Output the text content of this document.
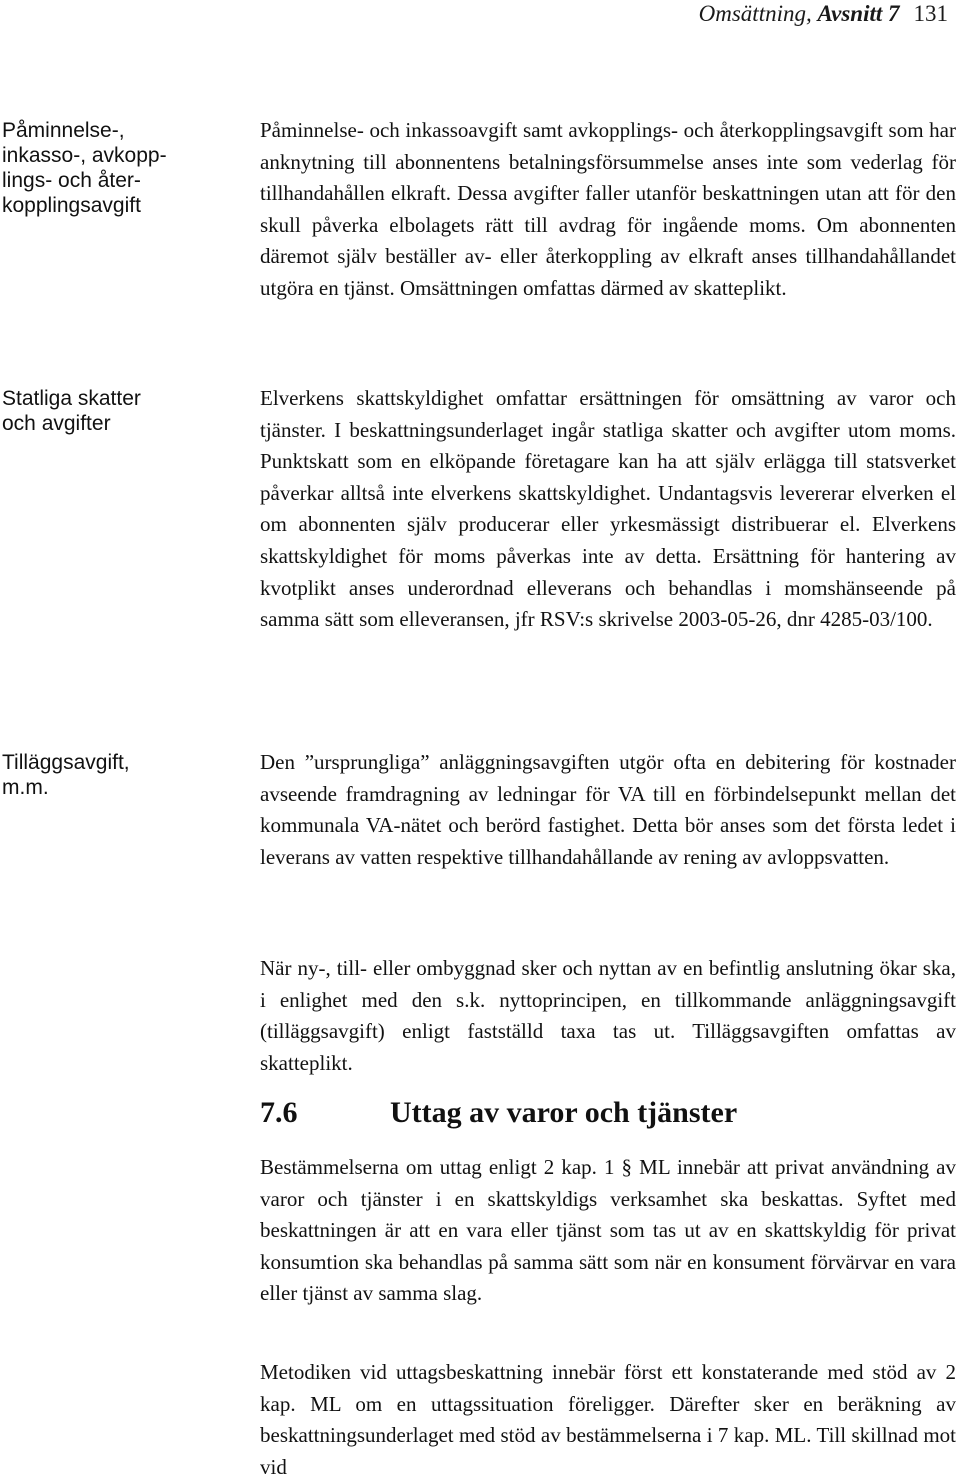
Omsättning, Avsnitt 7 131
Påminnelse-,
inkasso-, avkopp-
lings- och åter-
kopplingsavgift
Statliga skatter
och avgifter
Tilläggsavgift,
m.m.

Påminnelse- och inkassoavgift samt avkopplings- och återkopplingsavgift som har anknytning till abonnentens betalningsförsummelse anses inte som vederlag för tillhandahållen elkraft. Dessa avgifter faller utanför beskattningen utan att för den skull påverka elbolagets rätt till avdrag för ingående moms. Om abonnenten däremot själv beställer av- eller återkoppling av elkraft anses tillhandahållandet utgöra en tjänst. Omsättningen omfattas därmed av skatteplikt.

Elverkens skattskyldighet omfattar ersättningen för omsättning av varor och tjänster. I beskattningsunderlaget ingår statliga skatter och avgifter utom moms. Punktskatt som en elköpande företagare kan ha att själv erlägga till statsverket påverkar alltså inte elverkens skattskyldighet. Undantagsvis levererar elverken el om abonnenten själv producerar eller yrkesmässigt distribuerar el. Elverkens skattskyldighet för moms påverkas inte av detta. Ersättning för hantering av kvotplikt anses underordnad elleverans och behandlas i momshänseende på samma sätt som elleveransen, jfr RSV:s skrivelse 2003-05-26, dnr 4285-03/100.

Den ”ursprungliga” anläggningsavgiften utgör ofta en debitering för kostnader avseende framdragning av ledningar för VA till en förbindelsepunkt mellan det kommunala VA-nätet och berörd fastighet. Detta bör anses som det första ledet i leverans av vatten respektive tillhandahållande av rening av avloppsvatten.

När ny-, till- eller ombyggnad sker och nyttan av en befintlig anslutning ökar ska, i enlighet med den s.k. nyttoprincipen, en tillkommande anläggningsavgift (tilläggsavgift) enligt fastställd taxa tas ut. Tilläggsavgiften omfattas av skatteplikt.

7.6	Uttag av varor och tjänster

Bestämmelserna om uttag enligt 2 kap. 1 § ML innebär att privat användning av varor och tjänster i en skattskyldigs verksamhet ska beskattas. Syftet med beskattningen är att en vara eller tjänst som tas ut av en skattskyldig för privat konsumtion ska behandlas på samma sätt som när en konsument förvärvar en vara eller tjänst av samma slag.

Metodiken vid uttagsbeskattning innebär först ett konstaterande med stöd av 2 kap. ML om en uttagssituation föreligger. Därefter sker en beräkning av beskattningsunderlaget med stöd av bestämmelserna i 7 kap. ML. Till skillnad mot vid
